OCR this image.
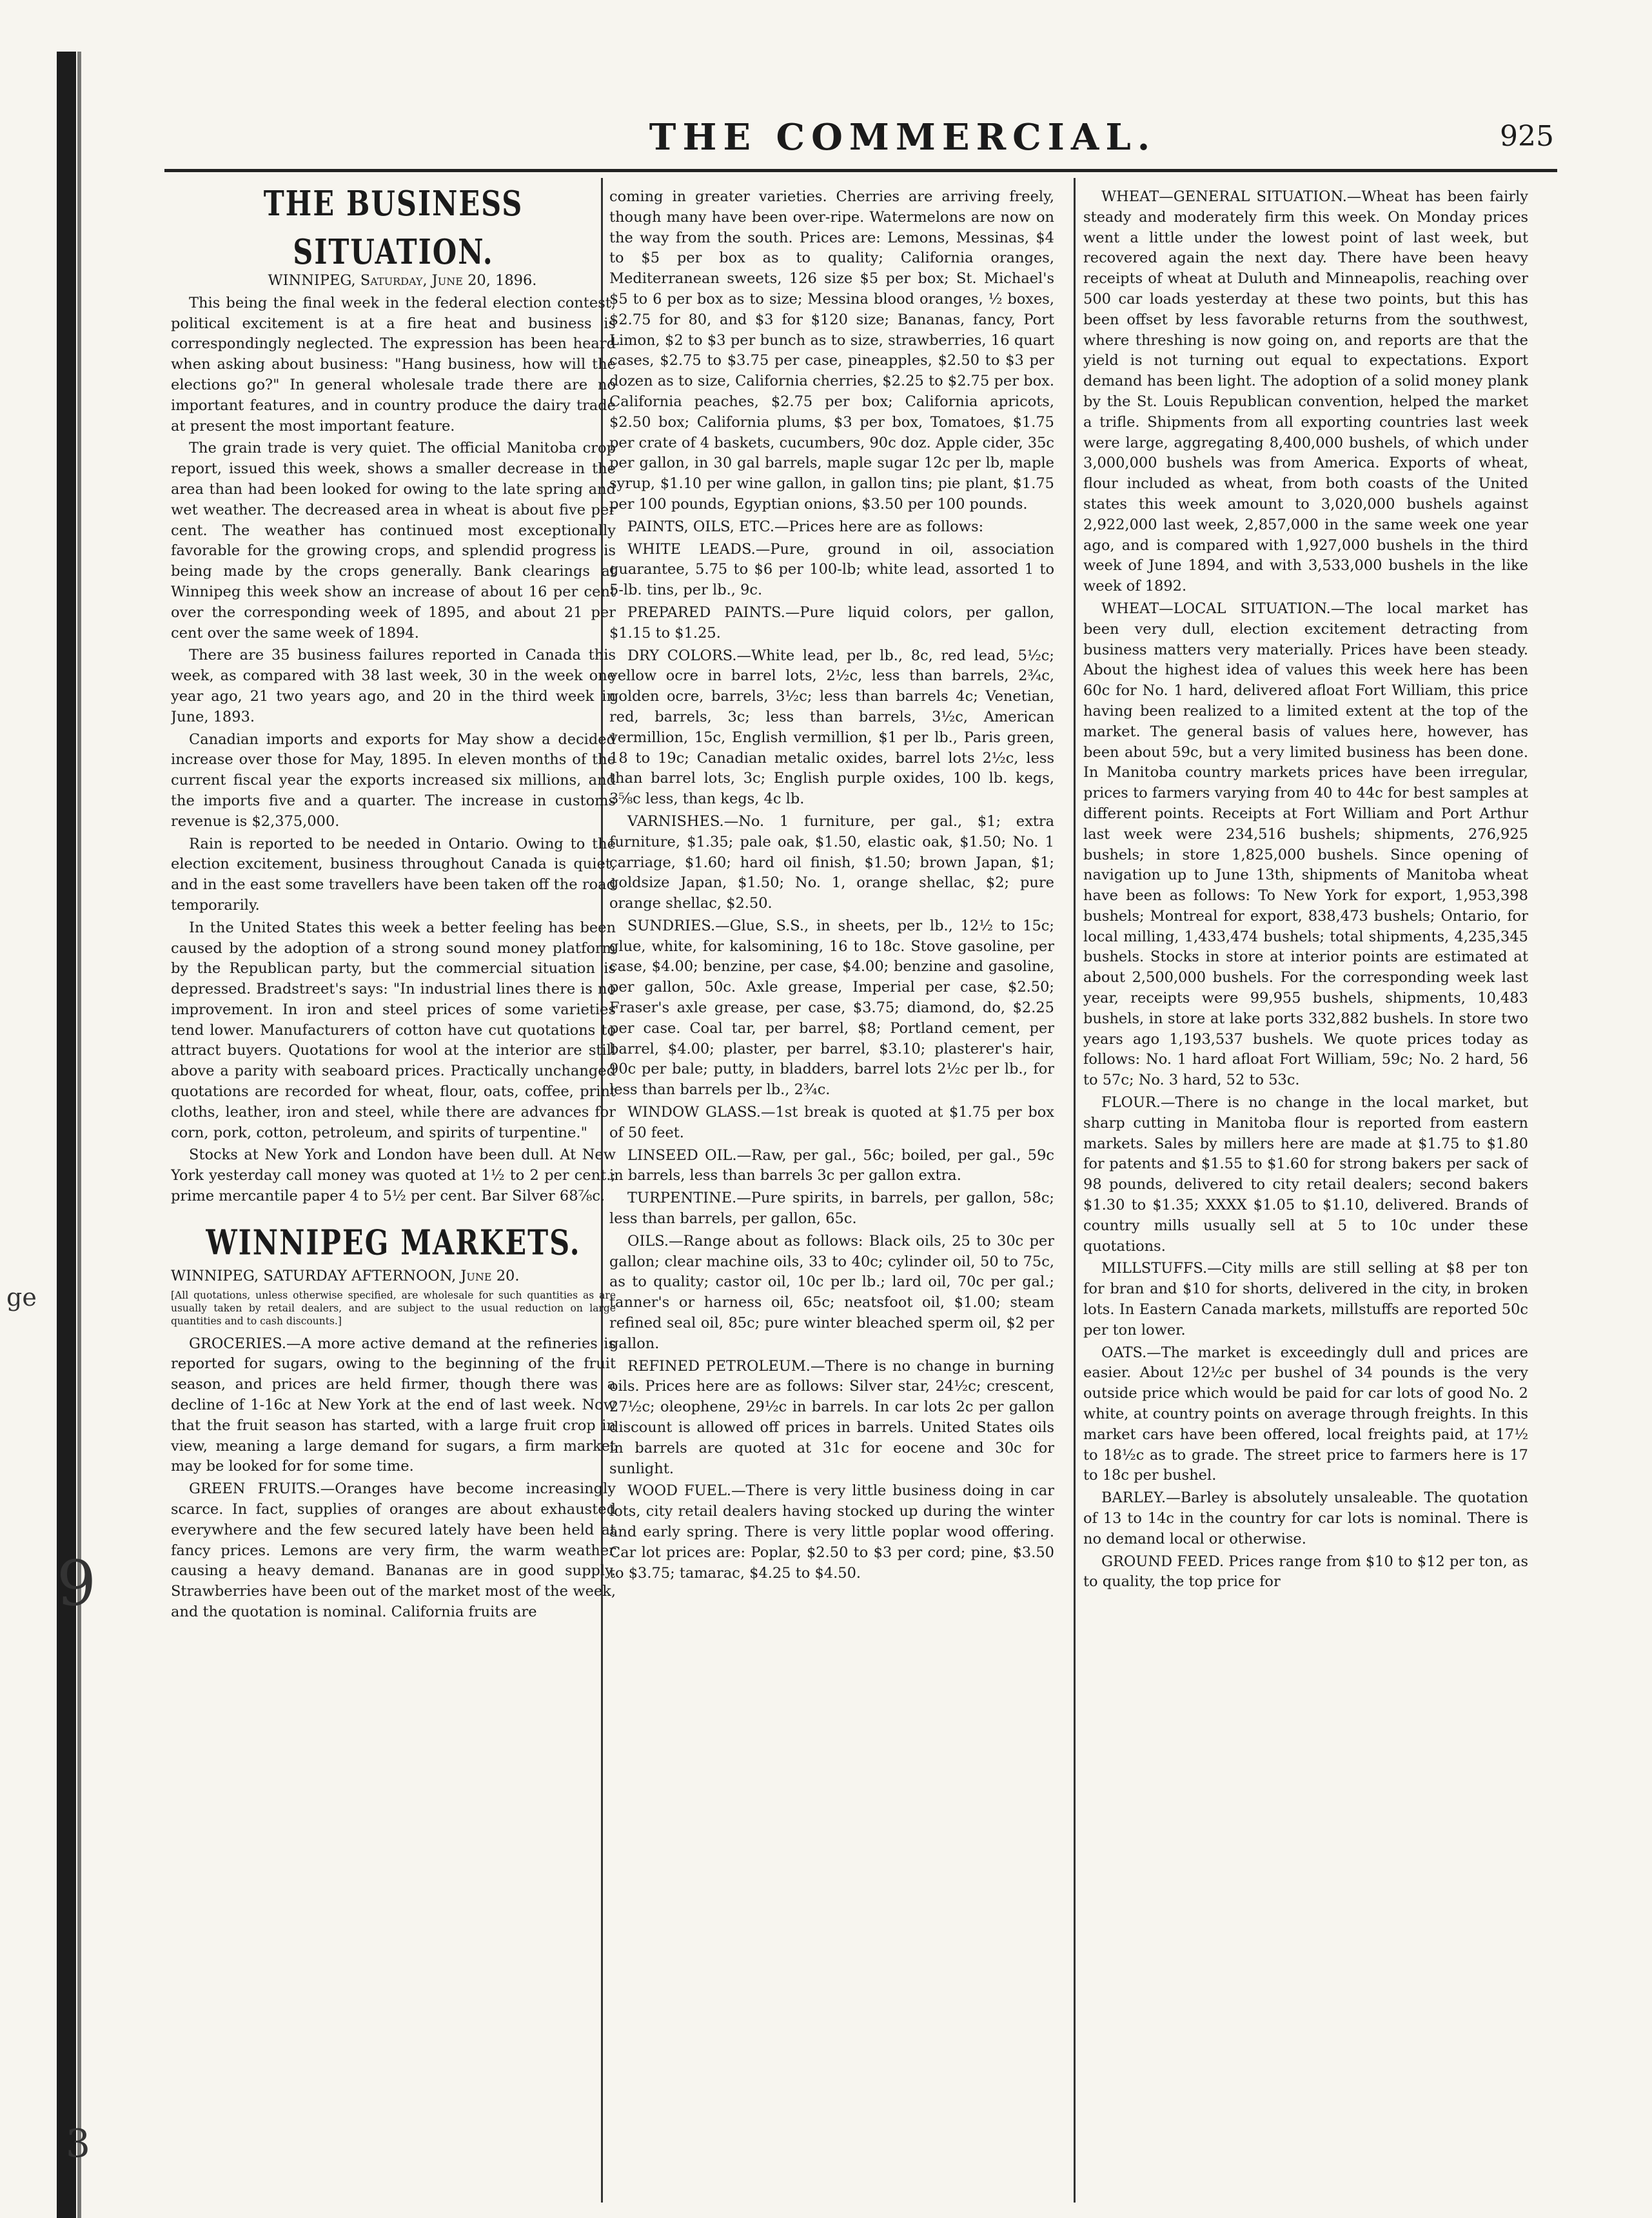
ge
9
3
THE COMMERCIAL.	925
THE BUSINESS SITUATION.

WINNIPEG, Saturday, June 20, 1896.

This being the final week in the federal election contest, political excitement is at a fire heat and business is correspondingly neglected. The expression has been heard when asking about business: "Hang business, how will the elections go?" In general wholesale trade there are no important features, and in country produce the dairy trade at present the most important feature.

The grain trade is very quiet. The official Manitoba crop report, issued this week, shows a smaller decrease in the area than had been looked for owing to the late spring and wet weather. The decreased area in wheat is about five per cent. The weather has continued most exceptionally favorable for the growing crops, and splendid progress is being made by the crops generally. Bank clearings at Winnipeg this week show an increase of about 16 per cent over the corresponding week of 1895, and about 21 per cent over the same week of 1894.

There are 35 business failures reported in Canada this week, as compared with 38 last week, 30 in the week one year ago, 21 two years ago, and 20 in the third week in June, 1893.

Canadian imports and exports for May show a decided increase over those for May, 1895. In eleven months of the current fiscal year the exports increased six millions, and the imports five and a quarter. The increase in customs revenue is $2,375,000.

Rain is reported to be needed in Ontario. Owing to the election excitement, business throughout Canada is quiet, and in the east some travellers have been taken off the road temporarily.

In the United States this week a better feeling has been caused by the adoption of a strong sound money platform by the Republican party, but the commercial situation is depressed. Bradstreet's says: "In industrial lines there is no improvement. In iron and steel prices of some varieties tend lower. Manufacturers of cotton have cut quotations to attract buyers. Quotations for wool at the interior are still above a parity with seaboard prices. Practically unchanged quotations are recorded for wheat, flour, oats, coffee, print cloths, leather, iron and steel, while there are advances for corn, pork, cotton, petroleum, and spirits of turpentine."

Stocks at New York and London have been dull. At New York yesterday call money was quoted at 1½ to 2 per cent.; prime mercantile paper 4 to 5½ per cent. Bar Silver 68⅞c.

WINNIPEG MARKETS.

WINNIPEG, SATURDAY AFTERNOON, June 20.

[All quotations, unless otherwise specified, are wholesale for such quantities as are usually taken by retail dealers, and are subject to the usual reduction on large quantities and to cash discounts.]

GROCERIES.—A more active demand at the refineries is reported for sugars, owing to the beginning of the fruit season, and prices are held firmer, though there was a decline of 1-16c at New York at the end of last week. Now that the fruit season has started, with a large fruit crop in view, meaning a large demand for sugars, a firm market may be looked for for some time.

GREEN FRUITS.—Oranges have become increasingly scarce. In fact, supplies of oranges are about exhausted everywhere and the few secured lately have been held at fancy prices. Lemons are very firm, the warm weather causing a heavy demand. Bananas are in good supply. Strawberries have been out of the market most of the week, and the quotation is nominal. California fruits are

coming in greater varieties. Cherries are arriving freely, though many have been over-ripe. Watermelons are now on the way from the south. Prices are: Lemons, Messinas, $4 to $5 per box as to quality; California oranges, Mediterranean sweets, 126 size $5 per box; St. Michael's $5 to 6 per box as to size; Messina blood oranges, ½ boxes, $2.75 for 80, and $3 for $120 size; Bananas, fancy, Port Limon, $2 to $3 per bunch as to size, strawberries, 16 quart cases, $2.75 to $3.75 per case, pineapples, $2.50 to $3 per dozen as to size, California cherries, $2.25 to $2.75 per box. California peaches, $2.75 per box; California apricots, $2.50 box; California plums, $3 per box, Tomatoes, $1.75 per crate of 4 baskets, cucumbers, 90c doz. Apple cider, 35c per gallon, in 30 gal barrels, maple sugar 12c per lb, maple syrup, $1.10 per wine gallon, in gallon tins; pie plant, $1.75 per 100 pounds, Egyptian onions, $3.50 per 100 pounds.

PAINTS, OILS, ETC.—Prices here are as follows:

WHITE LEADS.—Pure, ground in oil, association guarantee, 5.75 to $6 per 100-lb; white lead, assorted 1 to 5-lb. tins, per lb., 9c.

PREPARED PAINTS.—Pure liquid colors, per gallon, $1.15 to $1.25.

DRY COLORS.—White lead, per lb., 8c, red lead, 5½c; yellow ocre in barrel lots, 2½c, less than barrels, 2¾c, golden ocre, barrels, 3½c; less than barrels 4c; Venetian, red, barrels, 3c; less than barrels, 3½c, American vermillion, 15c, English vermillion, $1 per lb., Paris green, 18 to 19c; Canadian metalic oxides, barrel lots 2½c, less than barrel lots, 3c; English purple oxides, 100 lb. kegs, 3⅝c less, than kegs, 4c lb.

VARNISHES.—No. 1 furniture, per gal., $1; extra furniture, $1.35; pale oak, $1.50, elastic oak, $1.50; No. 1 carriage, $1.60; hard oil finish, $1.50; brown Japan, $1; goldsize Japan, $1.50; No. 1, orange shellac, $2; pure orange shellac, $2.50.

SUNDRIES.—Glue, S.S., in sheets, per lb., 12½ to 15c; glue, white, for kalsomining, 16 to 18c. Stove gasoline, per case, $4.00; benzine, per case, $4.00; benzine and gasoline, per gallon, 50c. Axle grease, Imperial per case, $2.50; Fraser's axle grease, per case, $3.75; diamond, do, $2.25 per case. Coal tar, per barrel, $8; Portland cement, per barrel, $4.00; plaster, per barrel, $3.10; plasterer's hair, 90c per bale; putty, in bladders, barrel lots 2½c per lb., for less than barrels per lb., 2¾c.

WINDOW GLASS.—1st break is quoted at $1.75 per box of 50 feet.

LINSEED OIL.—Raw, per gal., 56c; boiled, per gal., 59c in barrels, less than barrels 3c per gallon extra.

TURPENTINE.—Pure spirits, in barrels, per gallon, 58c; less than barrels, per gallon, 65c.

OILS.—Range about as follows: Black oils, 25 to 30c per gallon; clear machine oils, 33 to 40c; cylinder oil, 50 to 75c, as to quality; castor oil, 10c per lb.; lard oil, 70c per gal.; tanner's or harness oil, 65c; neatsfoot oil, $1.00; steam refined seal oil, 85c; pure winter bleached sperm oil, $2 per gallon.

REFINED PETROLEUM.—There is no change in burning oils. Prices here are as follows: Silver star, 24½c; crescent, 27½c; oleophene, 29½c in barrels. In car lots 2c per gallon discount is allowed off prices in barrels. United States oils in barrels are quoted at 31c for eocene and 30c for sunlight.

WOOD FUEL.—There is very little business doing in car lots, city retail dealers having stocked up during the winter and early spring. There is very little poplar wood offering. Car lot prices are: Poplar, $2.50 to $3 per cord; pine, $3.50 to $3.75; tamarac, $4.25 to $4.50.

WHEAT—GENERAL SITUATION.—Wheat has been fairly steady and moderately firm this week. On Monday prices went a little under the lowest point of last week, but recovered again the next day. There have been heavy receipts of wheat at Duluth and Minneapolis, reaching over 500 car loads yesterday at these two points, but this has been offset by less favorable returns from the southwest, where threshing is now going on, and reports are that the yield is not turning out equal to expectations. Export demand has been light. The adoption of a solid money plank by the St. Louis Republican convention, helped the market a trifle. Shipments from all exporting countries last week were large, aggregating 8,400,000 bushels, of which under 3,000,000 bushels was from America. Exports of wheat, flour included as wheat, from both coasts of the United states this week amount to 3,020,000 bushels against 2,922,000 last week, 2,857,000 in the same week one year ago, and is compared with 1,927,000 bushels in the third week of June 1894, and with 3,533,000 bushels in the like week of 1892.

WHEAT—LOCAL SITUATION.—The local market has been very dull, election excitement detracting from business matters very materially. Prices have been steady. About the highest idea of values this week here has been 60c for No. 1 hard, delivered afloat Fort William, this price having been realized to a limited extent at the top of the market. The general basis of values here, however, has been about 59c, but a very limited business has been done. In Manitoba country markets prices have been irregular, prices to farmers varying from 40 to 44c for best samples at different points. Receipts at Fort William and Port Arthur last week were 234,516 bushels; shipments, 276,925 bushels; in store 1,825,000 bushels. Since opening of navigation up to June 13th, shipments of Manitoba wheat have been as follows: To New York for export, 1,953,398 bushels; Montreal for export, 838,473 bushels; Ontario, for local milling, 1,433,474 bushels; total shipments, 4,235,345 bushels. Stocks in store at interior points are estimated at about 2,500,000 bushels. For the corresponding week last year, receipts were 99,955 bushels, shipments, 10,483 bushels, in store at lake ports 332,882 bushels. In store two years ago 1,193,537 bushels. We quote prices today as follows: No. 1 hard afloat Fort William, 59c; No. 2 hard, 56 to 57c; No. 3 hard, 52 to 53c.

FLOUR.—There is no change in the local market, but sharp cutting in Manitoba flour is reported from eastern markets. Sales by millers here are made at $1.75 to $1.80 for patents and $1.55 to $1.60 for strong bakers per sack of 98 pounds, delivered to city retail dealers; second bakers $1.30 to $1.35; XXXX $1.05 to $1.10, delivered. Brands of country mills usually sell at 5 to 10c under these quotations.

MILLSTUFFS.—City mills are still selling at $8 per ton for bran and $10 for shorts, delivered in the city, in broken lots. In Eastern Canada markets, millstuffs are reported 50c per ton lower.

OATS.—The market is exceedingly dull and prices are easier. About 12½c per bushel of 34 pounds is the very outside price which would be paid for car lots of good No. 2 white, at country points on average through freights. In this market cars have been offered, local freights paid, at 17½ to 18½c as to grade. The street price to farmers here is 17 to 18c per bushel.

BARLEY.—Barley is absolutely unsaleable. The quotation of 13 to 14c in the country for car lots is nominal. There is no demand local or otherwise.

GROUND FEED. Prices range from $10 to $12 per ton, as to quality, the top price for
